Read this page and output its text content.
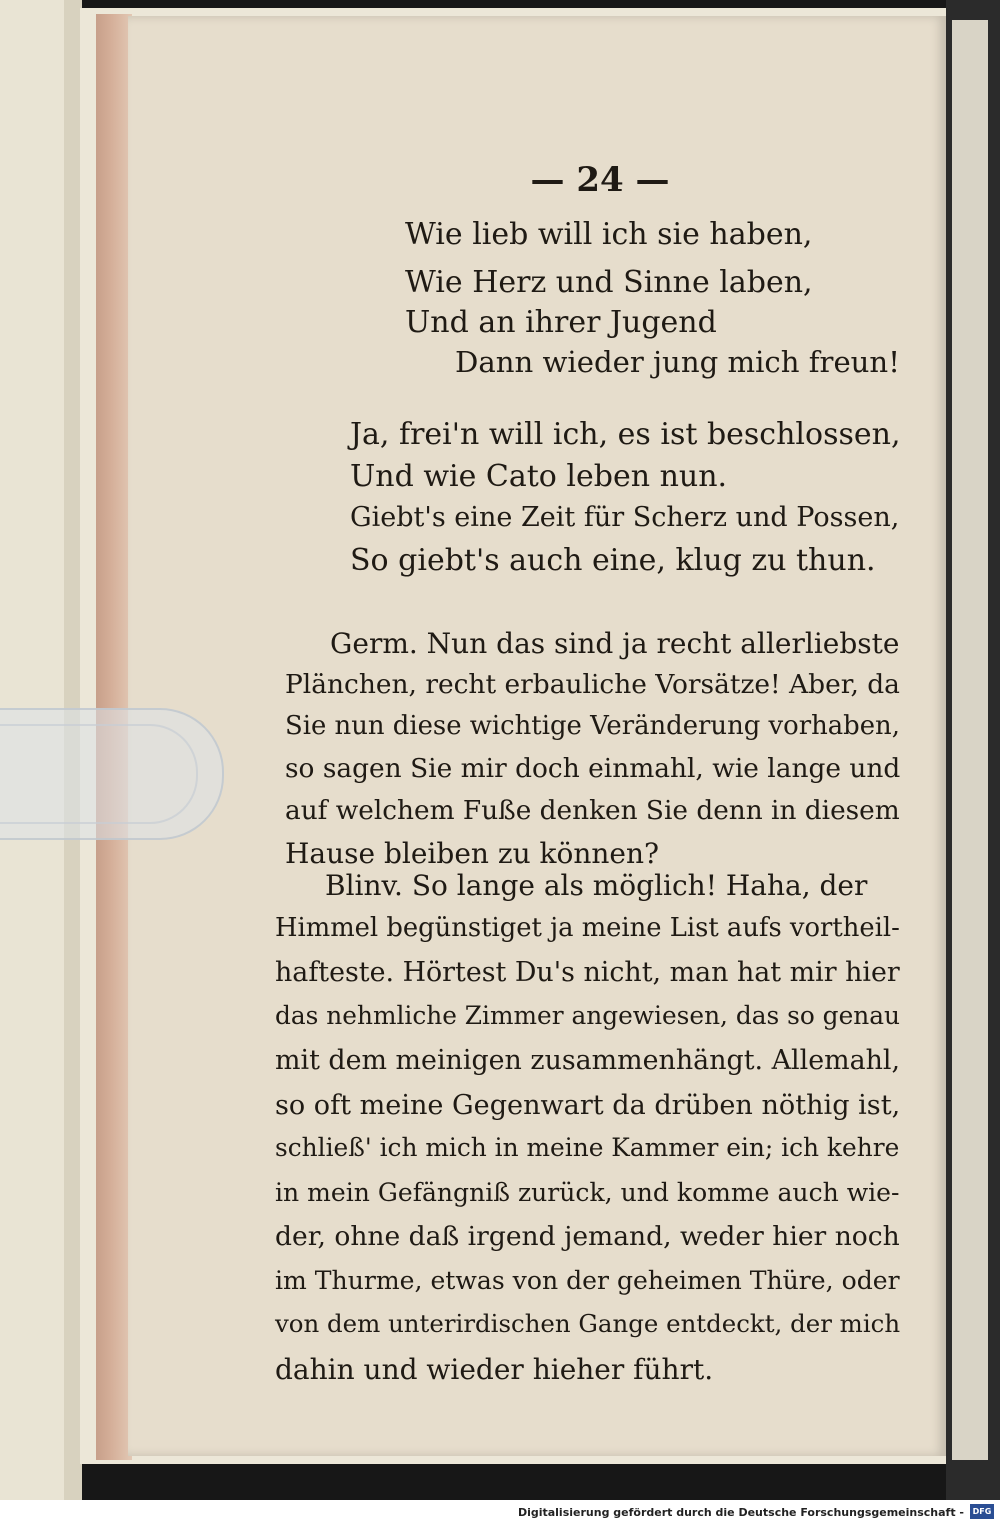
— 24 —
Wie lieb will ich sie haben,
Wie Herz und Sinne laben,
Und an ihrer Jugend
Dann wieder jung mich freun!
Ja, frei'n will ich, es ist beschlossen,
Und wie Cato leben nun.
Giebt's eine Zeit für Scherz und Possen,
So giebt's auch eine, klug zu thun.
Germ. Nun das sind ja recht allerliebste
Plänchen, recht erbauliche Vorsätze! Aber, da
Sie nun diese wichtige Veränderung vorhaben,
so sagen Sie mir doch einmahl, wie lange und
auf welchem Fuße denken Sie denn in diesem
Hause bleiben zu können?
Blinv. So lange als möglich! Haha, der
Himmel begünstiget ja meine List aufs vortheil-
hafteste. Hörtest Du's nicht, man hat mir hier
das nehmliche Zimmer angewiesen, das so genau
mit dem meinigen zusammenhängt. Allemahl,
so oft meine Gegenwart da drüben nöthig ist,
schließ' ich mich in meine Kammer ein; ich kehre
in mein Gefängniß zurück, und komme auch wie-
der, ohne daß irgend jemand, weder hier noch
im Thurme, etwas von der geheimen Thüre, oder
von dem unterirdischen Gange entdeckt, der mich
dahin und wieder hieher führt.
Digitalisierung gefördert durch die Deutsche Forschungsgemeinschaft -	DFG
